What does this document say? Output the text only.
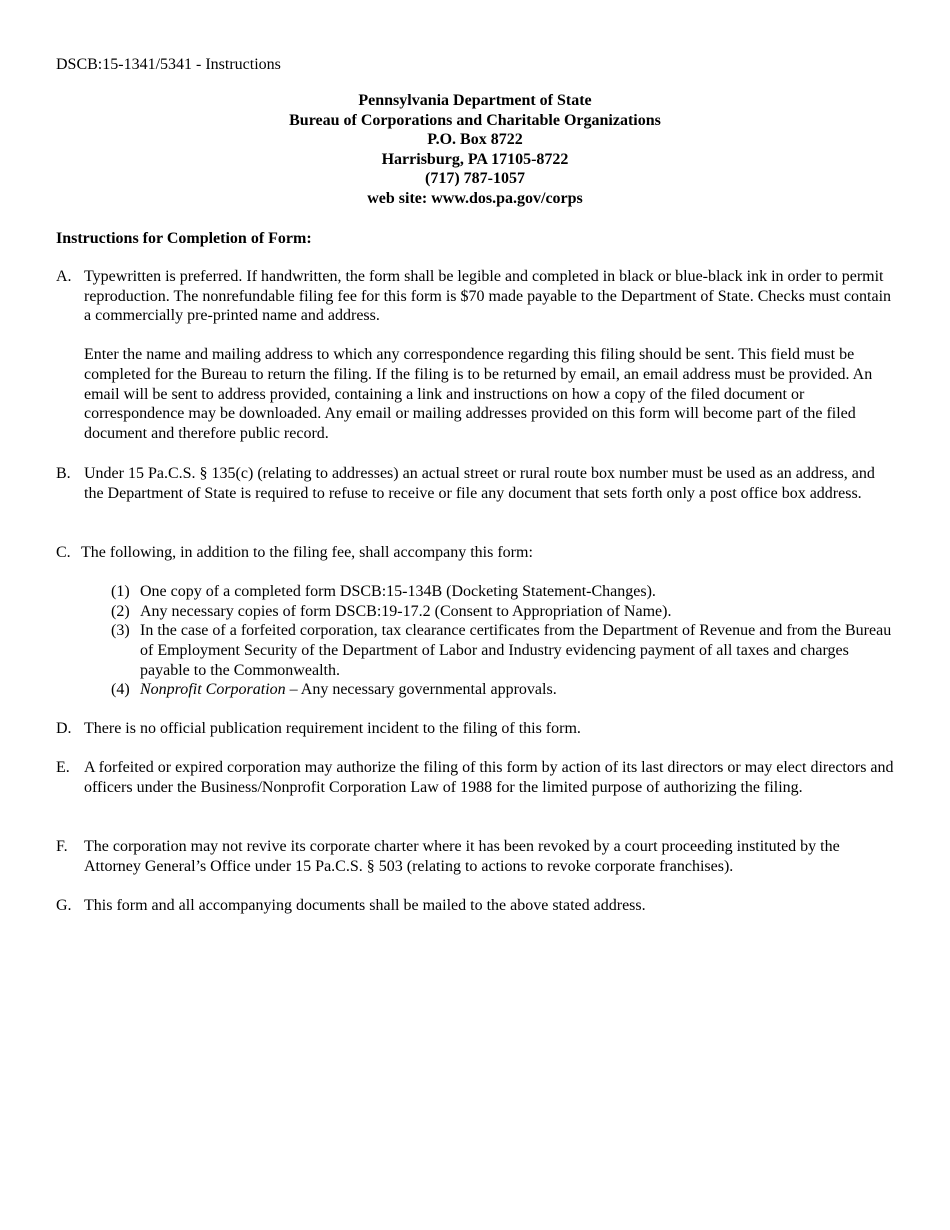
DSCB:15-1341/5341 - Instructions

Pennsylvania Department of State
Bureau of Corporations and Charitable Organizations
P.O. Box 8722
Harrisburg, PA 17105-8722
(717) 787-1057
web site: www.dos.pa.gov/corps

Instructions for Completion of Form:

A. Typewritten is preferred. If handwritten, the form shall be legible and completed in black or blue-black ink in order to permit reproduction. The nonrefundable filing fee for this form is $70 made payable to the Department of State. Checks must contain a commercially pre-printed name and address.

Enter the name and mailing address to which any correspondence regarding this filing should be sent. This field must be completed for the Bureau to return the filing. If the filing is to be returned by email, an email address must be provided. An email will be sent to address provided, containing a link and instructions on how a copy of the filed document or correspondence may be downloaded. Any email or mailing addresses provided on this form will become part of the filed document and therefore public record.

B. Under 15 Pa.C.S. § 135(c) (relating to addresses) an actual street or rural route box number must be used as an address, and the Department of State is required to refuse to receive or file any document that sets forth only a post office box address.

C. The following, in addition to the filing fee, shall accompany this form:

(1) One copy of a completed form DSCB:15-134B (Docketing Statement-Changes).
(2) Any necessary copies of form DSCB:19-17.2 (Consent to Appropriation of Name).
(3) In the case of a forfeited corporation, tax clearance certificates from the Department of Revenue and from the Bureau of Employment Security of the Department of Labor and Industry evidencing payment of all taxes and charges payable to the Commonwealth.
(4) Nonprofit Corporation – Any necessary governmental approvals.
D. There is no official publication requirement incident to the filing of this form.

E. A forfeited or expired corporation may authorize the filing of this form by action of its last directors or may elect directors and officers under the Business/Nonprofit Corporation Law of 1988 for the limited purpose of authorizing the filing.

F. The corporation may not revive its corporate charter where it has been revoked by a court proceeding instituted by the Attorney General’s Office under 15 Pa.C.S. § 503 (relating to actions to revoke corporate franchises).

G. This form and all accompanying documents shall be mailed to the above stated address.
